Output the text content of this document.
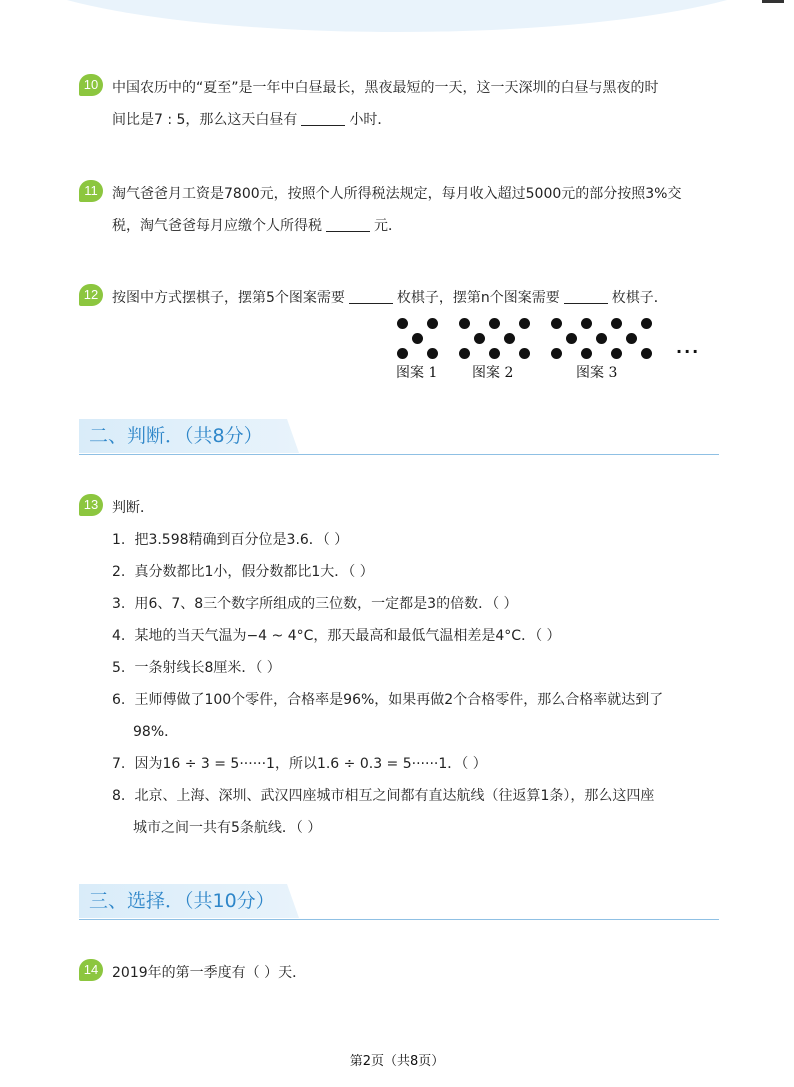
10 中国农历中的“夏至”是一年中白昼最长，黑夜最短的一天，这一天深圳的白昼与黑夜的时
间比是7 : 5，那么这天白昼有	小时．
11	淘气爸爸月工资是7800元，按照个人所得税法规定，每月收入超过5000元的部分按照3%交
税，淘气爸爸每月应缴个人所得税	元．
12 按图中方式摆棋子，摆第5个图案需要	枚棋子，摆第n个图案需要	枚棋子．
···
图案 1 图案 2	图案 3
二、判断．（共8分）
13 判断．
1. 把3.598精确到百分位是3.6．（ ）
2. 真分数都比1小，假分数都比1大．（ ）
3. 用6、7、8三个数字所组成的三位数，一定都是3的倍数．（ ）
4. 某地的当天气温为−4 ~ 4°C，那天最高和最低气温相差是4°C．（ ）
5. 一条射线长8厘米．（ ）
6. 王师傅做了100个零件，合格率是96%，如果再做2个合格零件，那么合格率就达到了
98%．
7. 因为16 ÷ 3 = 5······1，所以1.6 ÷ 0.3 = 5······1．（ ）
8. 北京、上海、深圳、武汉四座城市相互之间都有直达航线（往返算1条），那么这四座
城市之间一共有5条航线．（ ）
三、选择．（共10分）
14 2019年的第一季度有（ ）天．
第2页（共8页）
